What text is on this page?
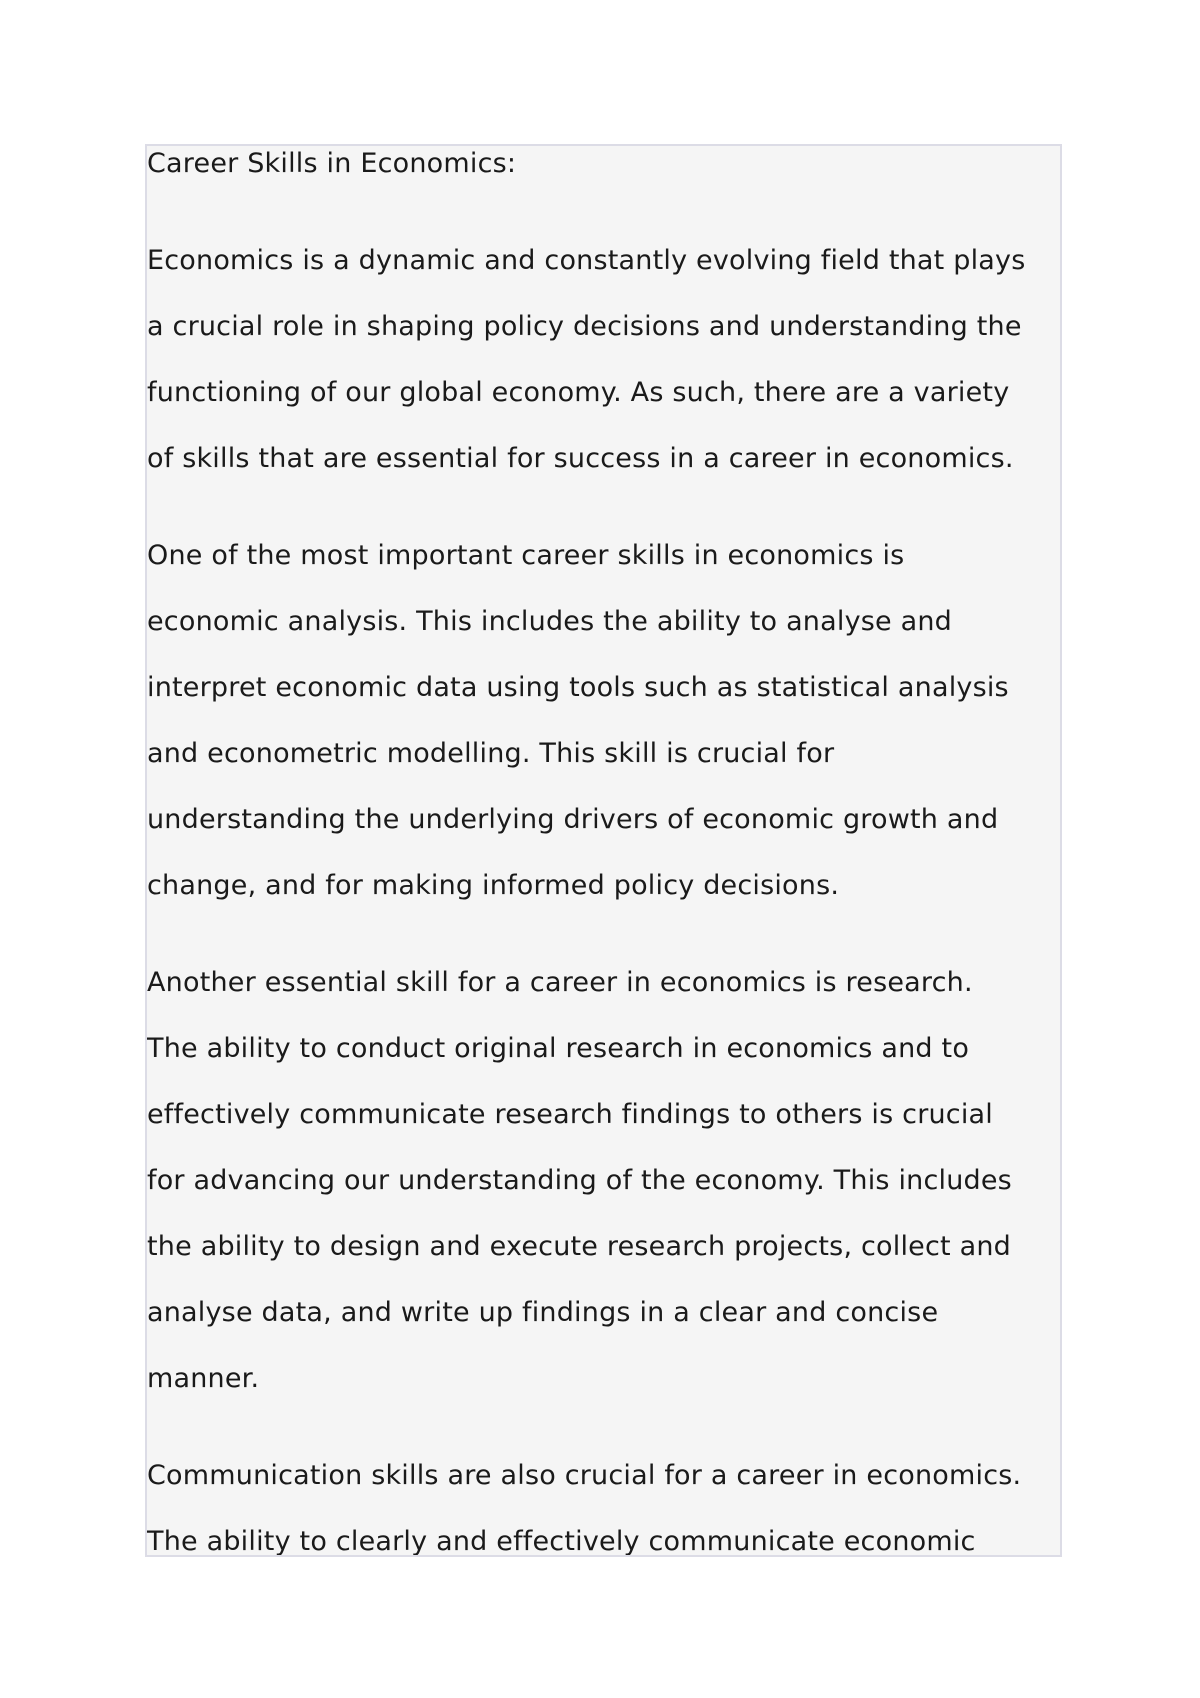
Career Skills in Economics:

Economics is a dynamic and constantly evolving field that plays

a crucial role in shaping policy decisions and understanding the

functioning of our global economy. As such, there are a variety

of skills that are essential for success in a career in economics.

One of the most important career skills in economics is

economic analysis. This includes the ability to analyse and

interpret economic data using tools such as statistical analysis

and econometric modelling. This skill is crucial for

understanding the underlying drivers of economic growth and

change, and for making informed policy decisions.

Another essential skill for a career in economics is research.

The ability to conduct original research in economics and to

effectively communicate research findings to others is crucial

for advancing our understanding of the economy. This includes

the ability to design and execute research projects, collect and

analyse data, and write up findings in a clear and concise

manner.

Communication skills are also crucial for a career in economics.

The ability to clearly and effectively communicate economic
